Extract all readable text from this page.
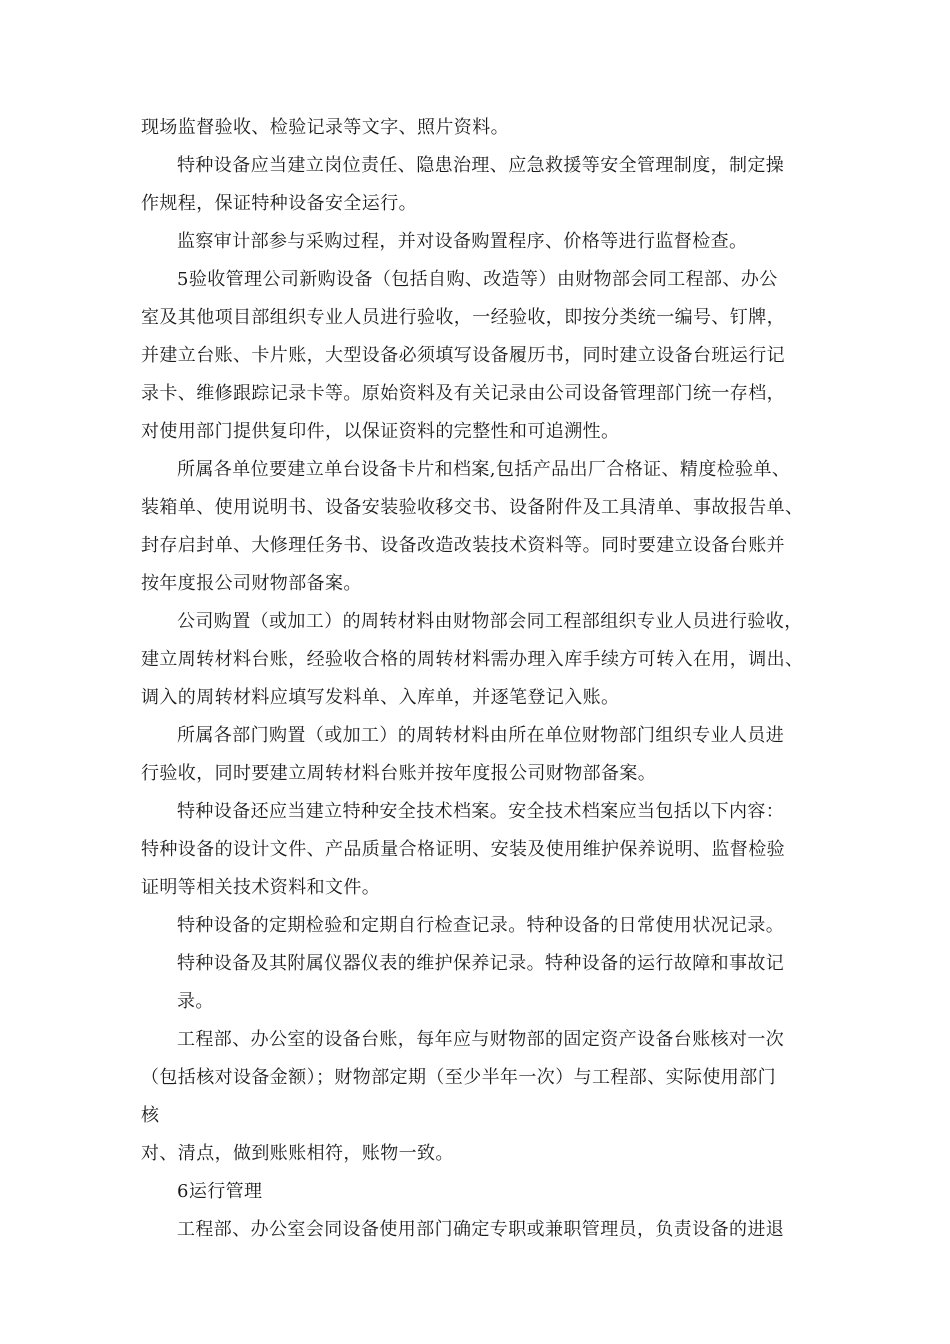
现场监督验收、检验记录等文字、照片资料。
特种设备应当建立岗位责任、隐患治理、应急救援等安全管理制度，制定操
作规程，保证特种设备安全运行。
监察审计部参与采购过程，并对设备购置程序、价格等进行监督检查。
5验收管理公司新购设备（包括自购、改造等）由财物部会同工程部、办公
室及其他项目部组织专业人员进行验收，一经验收，即按分类统一编号、钉牌，
并建立台账、卡片账，大型设备必须填写设备履历书，同时建立设备台班运行记
录卡、维修跟踪记录卡等。原始资料及有关记录由公司设备管理部门统一存档，
对使用部门提供复印件，以保证资料的完整性和可追溯性。
所属各单位要建立单台设备卡片和档案,包括产品出厂合格证、精度检验单、
装箱单、使用说明书、设备安装验收移交书、设备附件及工具清单、事故报告单、
封存启封单、大修理任务书、设备改造改装技术资料等。同时要建立设备台账并
按年度报公司财物部备案。
公司购置（或加工）的周转材料由财物部会同工程部组织专业人员进行验收，
建立周转材料台账，经验收合格的周转材料需办理入库手续方可转入在用，调出、
调入的周转材料应填写发料单、入库单，并逐笔登记入账。
所属各部门购置（或加工）的周转材料由所在单位财物部门组织专业人员进
行验收，同时要建立周转材料台账并按年度报公司财物部备案。
特种设备还应当建立特种安全技术档案。安全技术档案应当包括以下内容：
特种设备的设计文件、产品质量合格证明、安装及使用维护保养说明、监督检验
证明等相关技术资料和文件。
特种设备的定期检验和定期自行检查记录。特种设备的日常使用状况记录。
特种设备及其附属仪器仪表的维护保养记录。特种设备的运行故障和事故记
录。
工程部、办公室的设备台账，每年应与财物部的固定资产设备台账核对一次
（包括核对设备金额）；财物部定期（至少半年一次）与工程部、实际使用部门
核
对、清点，做到账账相符，账物一致。
6运行管理
工程部、办公室会同设备使用部门确定专职或兼职管理员，负责设备的进退
